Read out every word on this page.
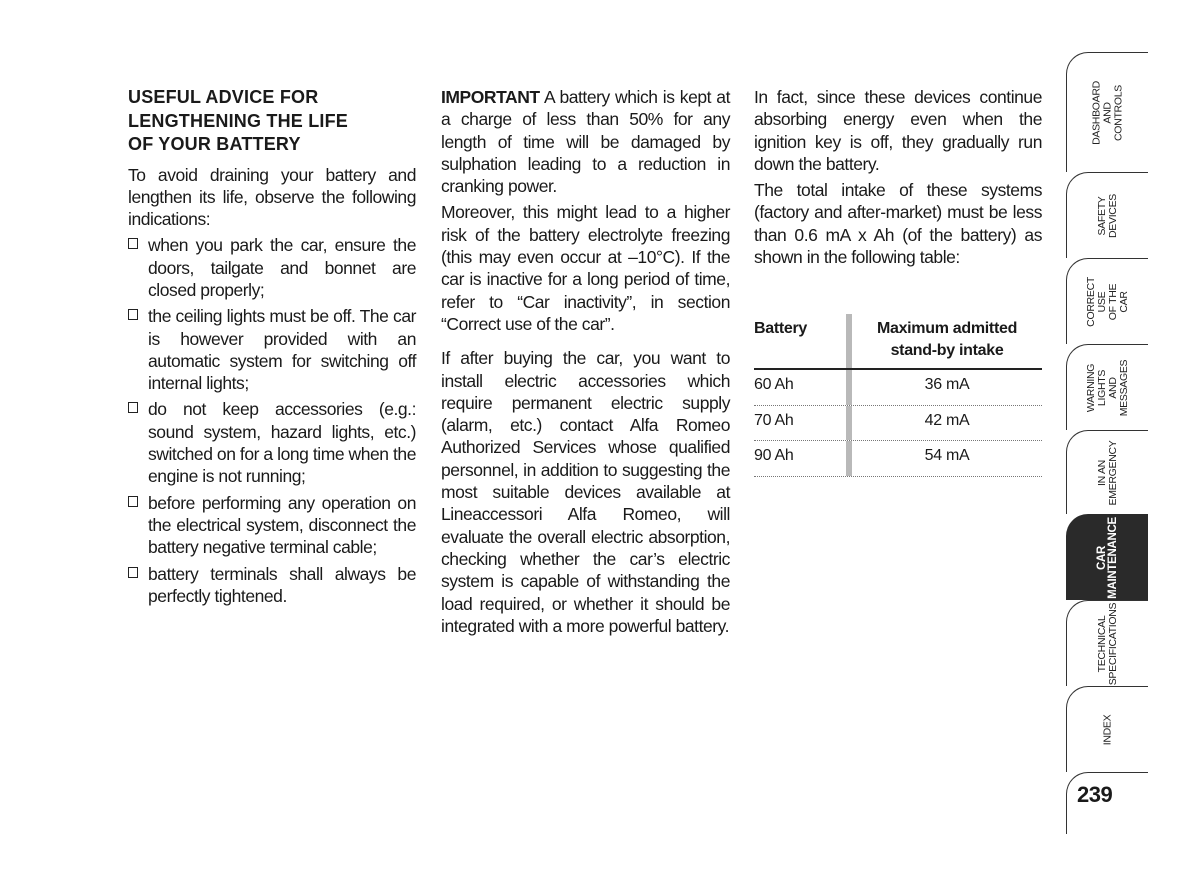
USEFUL ADVICE FOR
LENGTHENING THE LIFE
OF YOUR BATTERY

To avoid draining your battery and lengthen its life, observe the following indications:

when you park the car, ensure the doors, tailgate and bonnet are closed properly;
the ceiling lights must be off. The car is however provided with an automatic system for switching off internal lights;
do not keep accessories (e.g.: sound system, hazard lights, etc.) switched on for a long time when the engine is not running;
before performing any operation on the electrical system, disconnect the battery negative terminal cable;
battery terminals shall always be perfectly tightened.

IMPORTANT A battery which is kept at a charge of less than 50% for any length of time will be damaged by sulphation leading to a reduction in cranking power.

Moreover, this might lead to a higher risk of the battery electrolyte freezing (this may even occur at –10°C). If the car is inactive for a long period of time, refer to “Car inactivity”, in section “Correct use of the car”.

If after buying the car, you want to install electric accessories which require permanent electric supply (alarm, etc.) contact Alfa Romeo Authorized Services whose qualified personnel, in addition to suggesting the most suitable devices available at Lineaccessori Alfa Romeo, will evaluate the overall electric absorption, checking whether the car’s electric system is capable of withstanding the load required, or whether it should be integrated with a more powerful battery.

In fact, since these devices continue absorbing energy even when the ignition key is off, they gradually run down the battery.

The total intake of these systems (factory and after-market) must be less than 0.6 mA x Ah (of the battery) as shown in the following table:

Battery	Maximum admitted
stand-by intake
60 Ah	36 mA
70 Ah	42 mA
90 Ah	54 mA
DASHBOARD
AND
CONTROLS
SAFETY
DEVICES
CORRECT USE
OF THE CAR
WARNING
LIGHTS AND
MESSAGES
IN AN
EMERGENCY
CAR
MAINTENANCE
TECHNICAL
SPECIFICATIONS
INDEX
239
